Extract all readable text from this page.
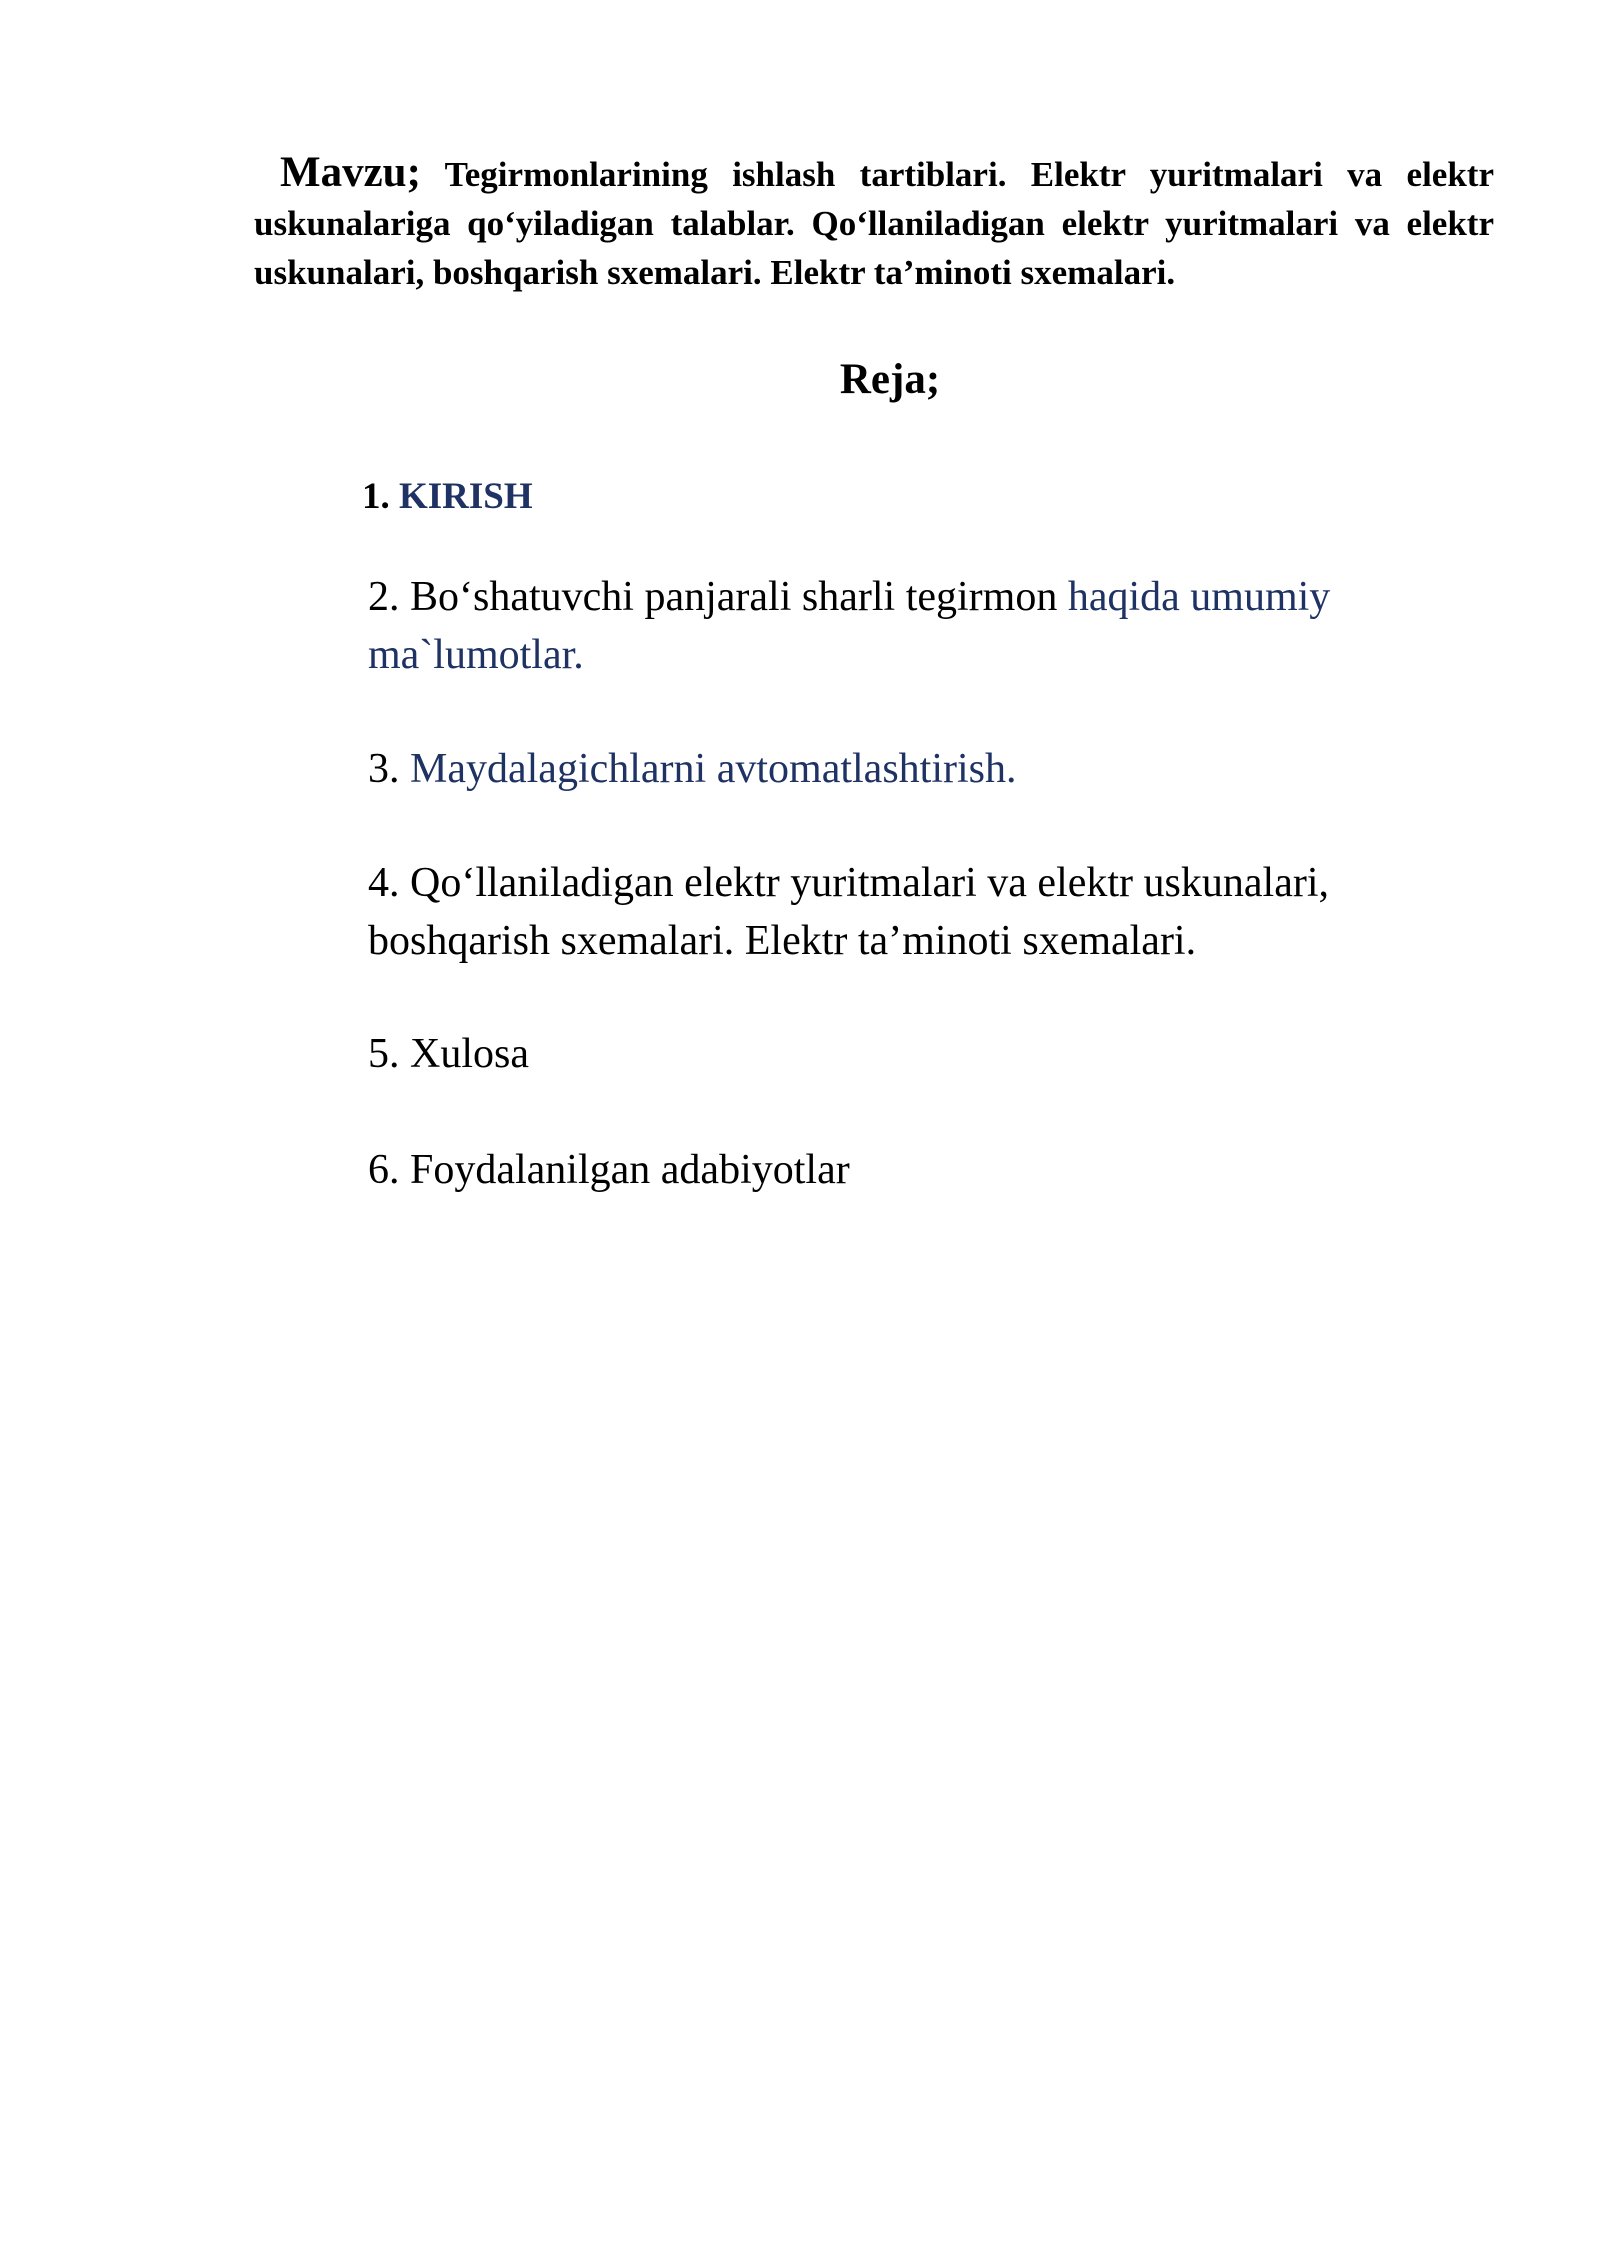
Mavzu; Tegirmonlarining ishlash tartiblari. Elektr yuritmalari va elektr uskunalariga qo‘yiladigan talablar. Qo‘llaniladigan elektr yuritmalari va elektr uskunalari, boshqarish sxemalari. Elektr ta’minoti sxemalari.
Reja;
1. KIRISH
2. Bo‘shatuvchi panjarali sharli tegirmon haqida umumiy ma`lumotlar.
3. Maydalagichlarni avtomatlashtirish.
4. Qo‘llaniladigan elektr yuritmalari va elektr uskunalari, boshqarish sxemalari. Elektr ta’minoti sxemalari.
5. Xulosa
6. Foydalanilgan adabiyotlar
